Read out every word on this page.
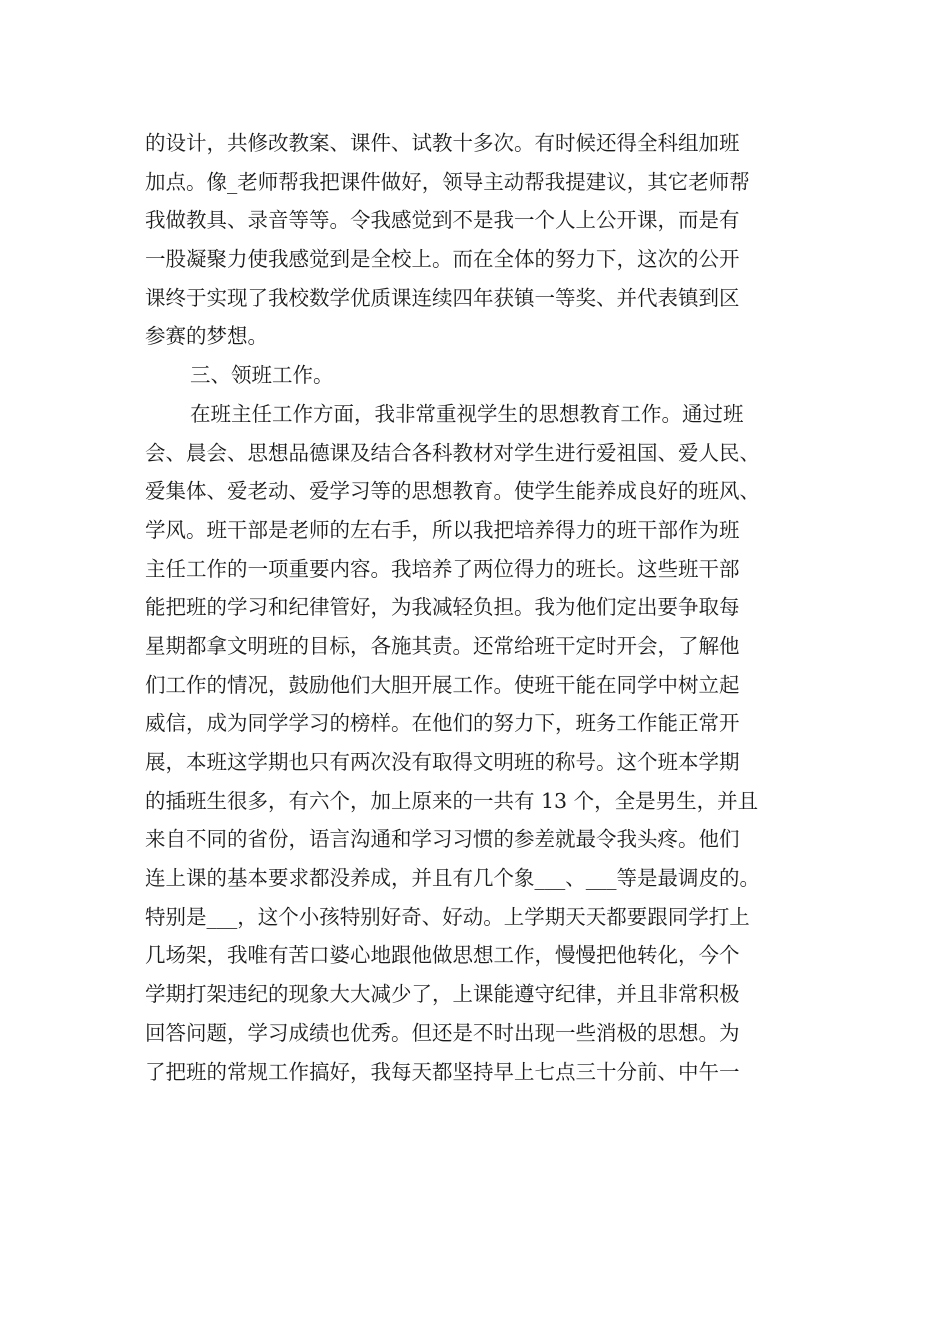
的设计，共修改教案、课件、试教十多次。有时候还得全科组加班
加点。像_老师帮我把课件做好，领导主动帮我提建议，其它老师帮
我做教具、录音等等。令我感觉到不是我一个人上公开课，而是有
一股凝聚力使我感觉到是全校上。而在全体的努力下，这次的公开
课终于实现了我校数学优质课连续四年获镇一等奖、并代表镇到区
参赛的梦想。
三、领班工作。
在班主任工作方面，我非常重视学生的思想教育工作。通过班
会、晨会、思想品德课及结合各科教材对学生进行爱祖国、爱人民、
爱集体、爱老动、爱学习等的思想教育。使学生能养成良好的班风、
学风。班干部是老师的左右手，所以我把培养得力的班干部作为班
主任工作的一项重要内容。我培养了两位得力的班长。这些班干部
能把班的学习和纪律管好，为我减轻负担。我为他们定出要争取每
星期都拿文明班的目标，各施其责。还常给班干定时开会，了解他
们工作的情况，鼓励他们大胆开展工作。使班干能在同学中树立起
威信，成为同学学习的榜样。在他们的努力下，班务工作能正常开
展，本班这学期也只有两次没有取得文明班的称号。这个班本学期
的插班生很多，有六个，加上原来的一共有 13 个，全是男生，并且
来自不同的省份，语言沟通和学习习惯的参差就最令我头疼。他们
连上课的基本要求都没养成，并且有几个象___、___等是最调皮的。
特别是___，这个小孩特别好奇、好动。上学期天天都要跟同学打上
几场架，我唯有苦口婆心地跟他做思想工作，慢慢把他转化，今个
学期打架违纪的现象大大减少了，上课能遵守纪律，并且非常积极
回答问题，学习成绩也优秀。但还是不时出现一些消极的思想。为
了把班的常规工作搞好，我每天都坚持早上七点三十分前、中午一
